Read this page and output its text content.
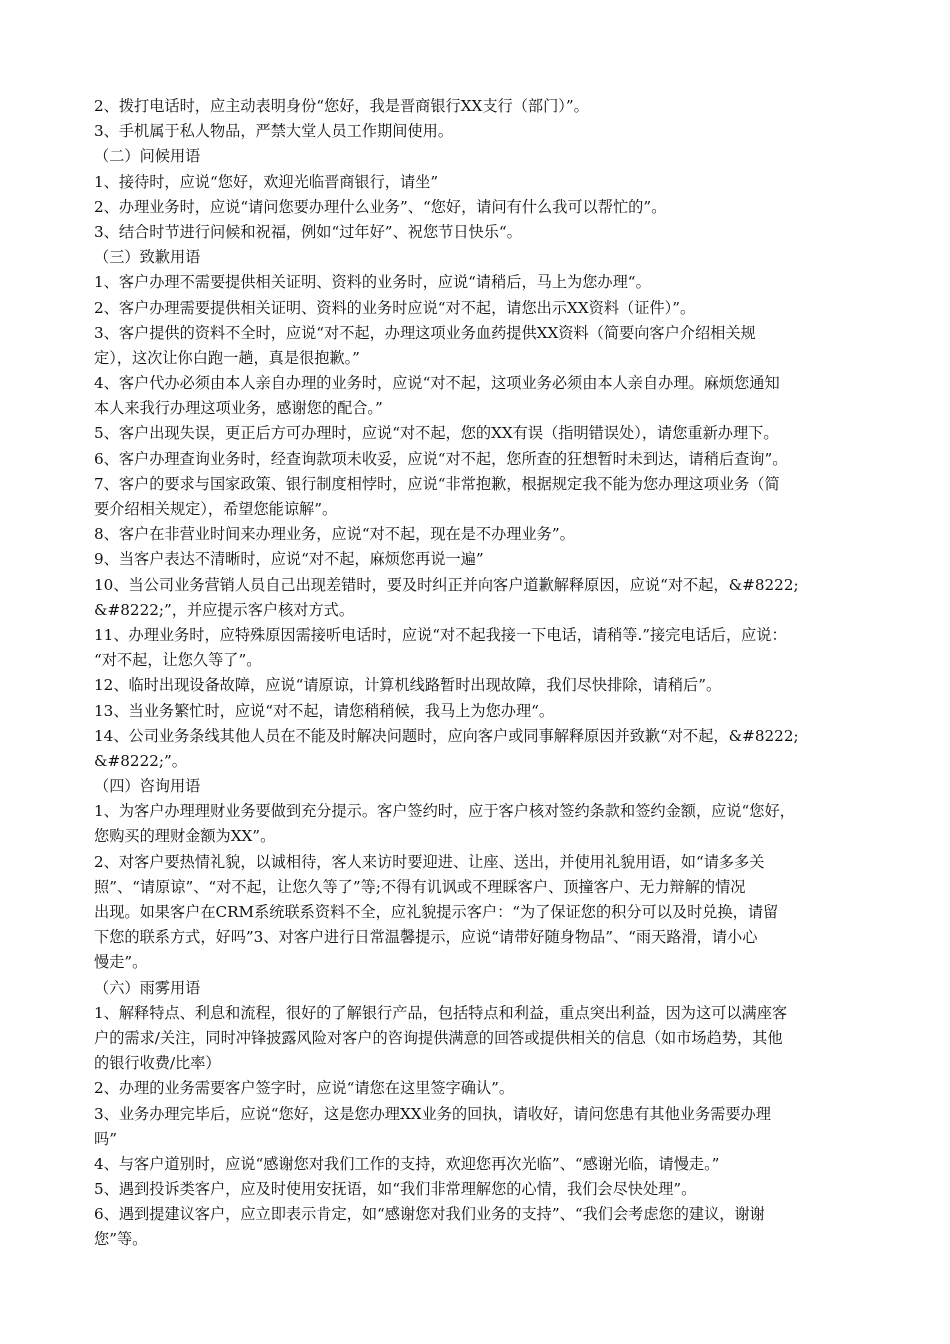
2、拨打电话时，应主动表明身份“您好，我是晋商银行XX支行（部门）”。
3、手机属于私人物品，严禁大堂人员工作期间使用。
（二）问候用语
1、接待时，应说“您好，欢迎光临晋商银行，请坐”
2、办理业务时，应说“请问您要办理什么业务”、“您好，请问有什么我可以帮忙的”。
3、结合时节进行问候和祝福，例如“过年好”、祝您节日快乐“。
（三）致歉用语
1、客户办理不需要提供相关证明、资料的业务时，应说“请稍后，马上为您办理“。
2、客户办理需要提供相关证明、资料的业务时应说“对不起，请您出示XX资料（证件）”。
3、客户提供的资料不全时，应说“对不起，办理这项业务血药提供XX资料（简要向客户介绍相关规
定），这次让你白跑一趟，真是很抱歉。”
4、客户代办必须由本人亲自办理的业务时，应说“对不起，这项业务必须由本人亲自办理。麻烦您通知
本人来我行办理这项业务，感谢您的配合。”
5、客户出现失误，更正后方可办理时，应说“对不起，您的XX有误（指明错误处），请您重新办理下。
6、客户办理查询业务时，经查询款项未收妥，应说“对不起，您所查的狂想暂时未到达，请稍后查询”。
7、客户的要求与国家政策、银行制度相悖时，应说“非常抱歉，根据规定我不能为您办理这项业务（简
要介绍相关规定），希望您能谅解”。
8、客户在非营业时间来办理业务，应说“对不起，现在是不办理业务”。
9、当客户表达不清晰时，应说“对不起，麻烦您再说一遍”
10、当公司业务营销人员自己出现差错时，要及时纠正并向客户道歉解释原因，应说“对不起，&#8222;
&#8222;”，并应提示客户核对方式。
11、办理业务时，应特殊原因需接听电话时，应说“对不起我接一下电话，请稍等.”接完电话后，应说：
“对不起，让您久等了”。
12、临时出现设备故障，应说“请原谅，计算机线路暂时出现故障，我们尽快排除，请稍后”。
13、当业务繁忙时，应说“对不起，请您稍稍候，我马上为您办理“。
14、公司业务条线其他人员在不能及时解决问题时，应向客户或同事解释原因并致歉“对不起，&#8222;
&#8222;”。
（四）咨询用语
1、为客户办理理财业务要做到充分提示。客户签约时，应于客户核对签约条款和签约金额，应说“您好，
您购买的理财金额为XX”。
2、对客户要热情礼貌，以诚相待，客人来访时要迎进、让座、送出，并使用礼貌用语，如“请多多关
照”、“请原谅”、“对不起，让您久等了”等;不得有讥讽或不理睬客户、顶撞客户、无力辩解的情况
出现。如果客户在CRM系统联系资料不全，应礼貌提示客户：“为了保证您的积分可以及时兑换，请留
下您的联系方式，好吗”3、对客户进行日常温馨提示，应说“请带好随身物品”、“雨天路滑，请小心
慢走”。
（六）雨雾用语
1、解释特点、利息和流程，很好的了解银行产品，包括特点和利益，重点突出利益，因为这可以满座客
户的需求/关注，同时冲锋披露风险对客户的咨询提供满意的回答或提供相关的信息（如市场趋势，其他
的银行收费/比率）
2、办理的业务需要客户签字时，应说“请您在这里签字确认”。
3、业务办理完毕后，应说“您好，这是您办理XX业务的回执，请收好，请问您患有其他业务需要办理
吗”
4、与客户道别时，应说“感谢您对我们工作的支持，欢迎您再次光临”、“感谢光临，请慢走。”
5、遇到投诉类客户，应及时使用安抚语，如“我们非常理解您的心情，我们会尽快处理”。
6、遇到提建议客户，应立即表示肯定，如“感谢您对我们业务的支持”、“我们会考虑您的建议，谢谢
您”等。
